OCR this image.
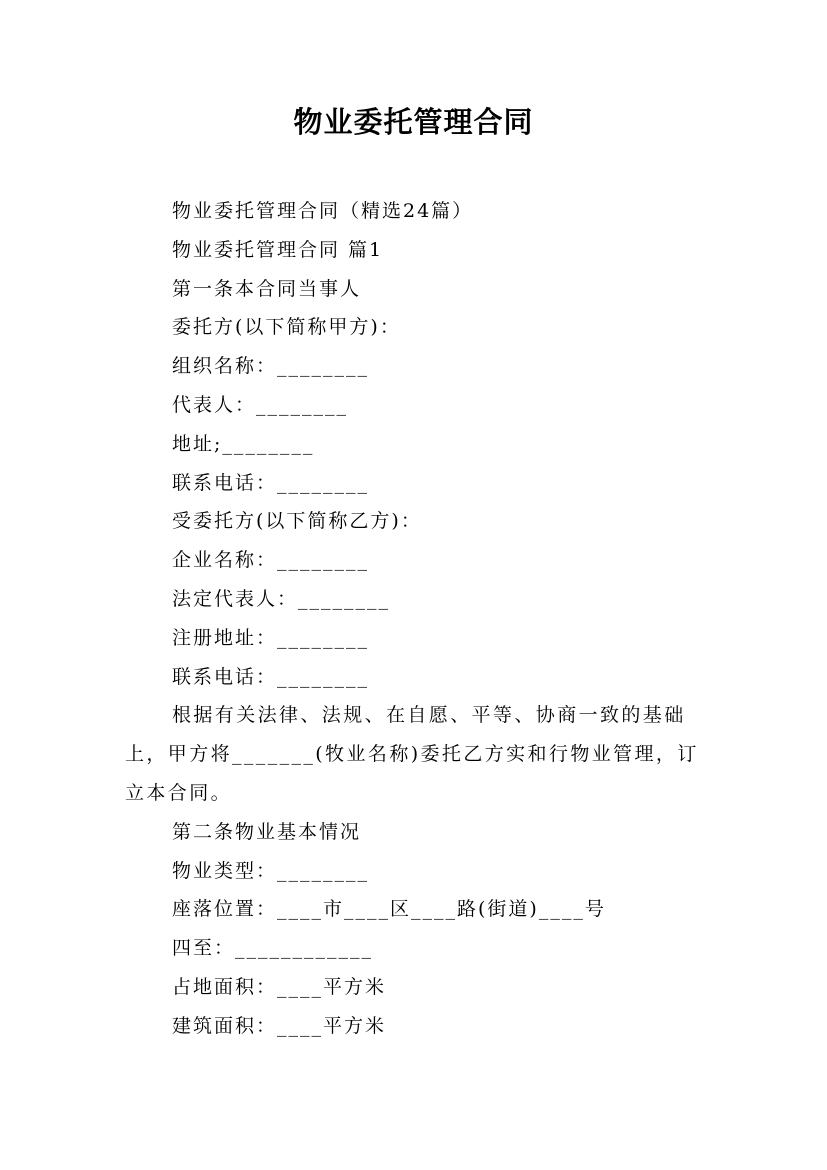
物业委托管理合同

物业委托管理合同（精选24篇）

物业委托管理合同 篇1

第一条本合同当事人

委托方(以下简称甲方)：

组织名称：________

代表人：________

地址;________

联系电话：________

受委托方(以下简称乙方)：

企业名称：________

法定代表人：________

注册地址：________

联系电话：________

根据有关法律、法规、在自愿、平等、协商一致的基础上，甲方将_______(牧业名称)委托乙方实和行物业管理，订立本合同。

第二条物业基本情况

物业类型：________

座落位置：____市____区____路(街道)____号

四至：____________

占地面积：____平方米

建筑面积：____平方米
